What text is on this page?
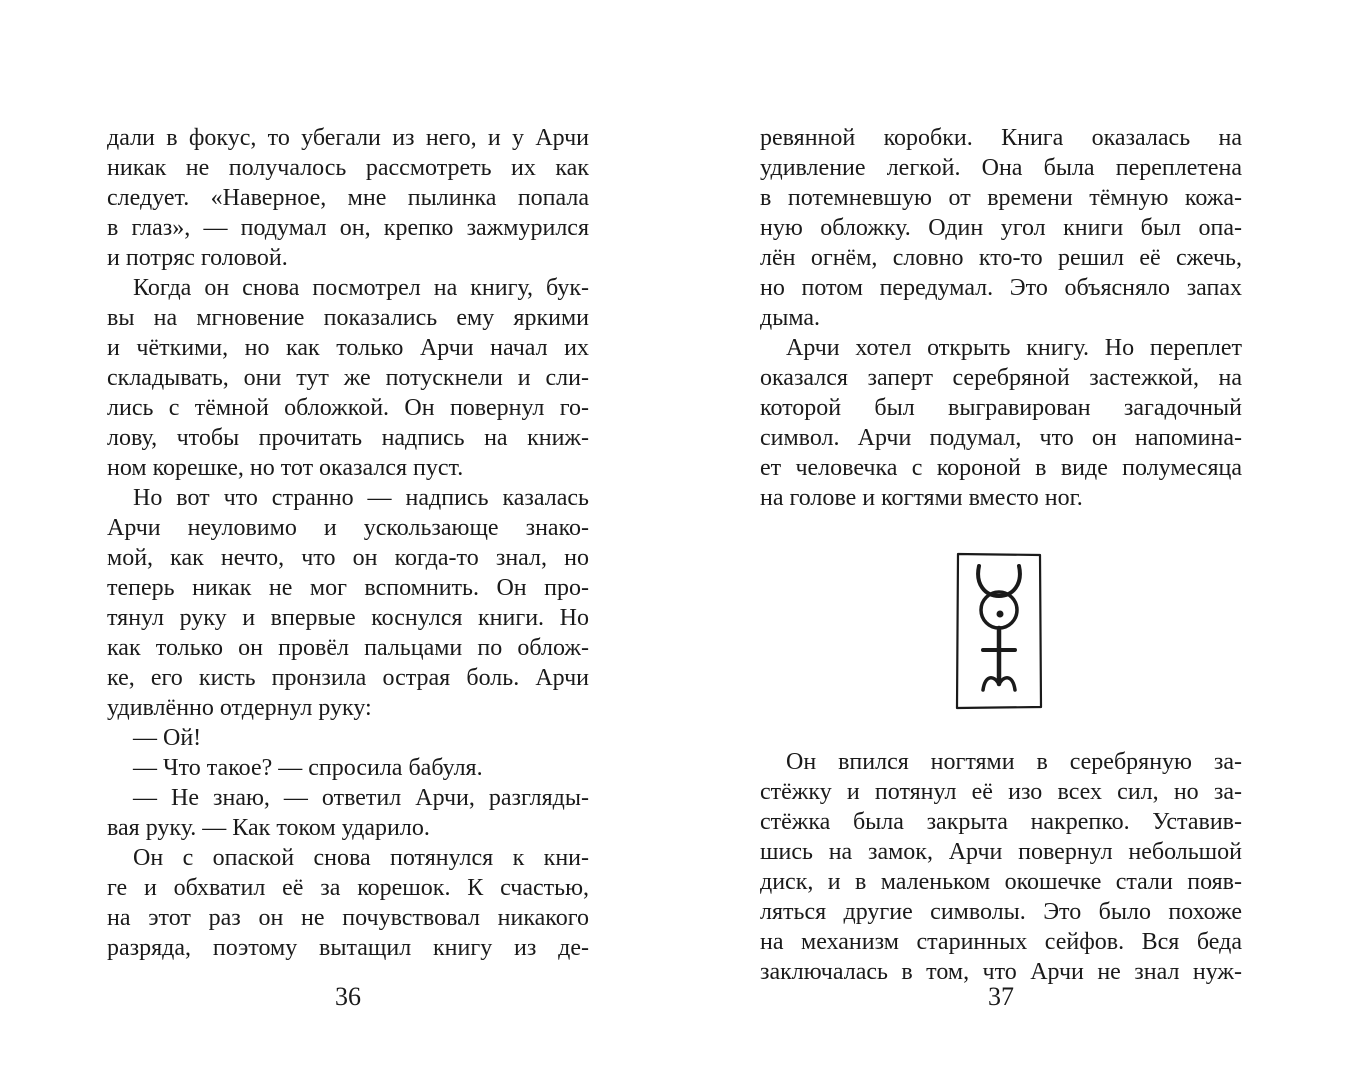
дали в фокус, то убегали из него, и у Арчи
никак не получалось рассмотреть их как
следует. «Наверное, мне пылинка попала
в глаз», — подумал он, крепко зажмурился
и потряс головой.
Когда он снова посмотрел на книгу, бук-
вы на мгновение показались ему яркими
и чёткими, но как только Арчи начал их
складывать, они тут же потускнели и сли-
лись с тёмной обложкой. Он повернул го-
лову, чтобы прочитать надпись на книж-
ном корешке, но тот оказался пуст.
Но вот что странно — надпись казалась
Арчи неуловимо и ускользающе знако-
мой, как нечто, что он когда-то знал, но
теперь никак не мог вспомнить. Он про-
тянул руку и впервые коснулся книги. Но
как только он провёл пальцами по облож-
ке, его кисть пронзила острая боль. Арчи
удивлённо отдернул руку:
— Ой!
— Что такое? — спросила бабуля.
— Не знаю, — ответил Арчи, разгляды-
вая руку. — Как током ударило.
Он с опаской снова потянулся к кни-
ге и обхватил её за корешок. К счастью,
на этот раз он не почувствовал никакого
разряда, поэтому вытащил книгу из де-
ревянной коробки. Книга оказалась на
удивление легкой. Она была переплетена
в потемневшую от времени тёмную кожа-
ную обложку. Один угол книги был опа-
лён огнём, словно кто-то решил её сжечь,
но потом передумал. Это объясняло запах
дыма.
Арчи хотел открыть книгу. Но переплет
оказался заперт серебряной застежкой, на
которой был выгравирован загадочный
символ. Арчи подумал, что он напомина-
ет человечка с короной в виде полумесяца
на голове и когтями вместо ног.
Он впился ногтями в серебряную за-
стёжку и потянул её изо всех сил, но за-
стёжка была закрыта накрепко. Уставив-
шись на замок, Арчи повернул небольшой
диск, и в маленьком окошечке стали появ-
ляться другие символы. Это было похоже
на механизм старинных сейфов. Вся беда
заключалась в том, что Арчи не знал нуж-
36	37
